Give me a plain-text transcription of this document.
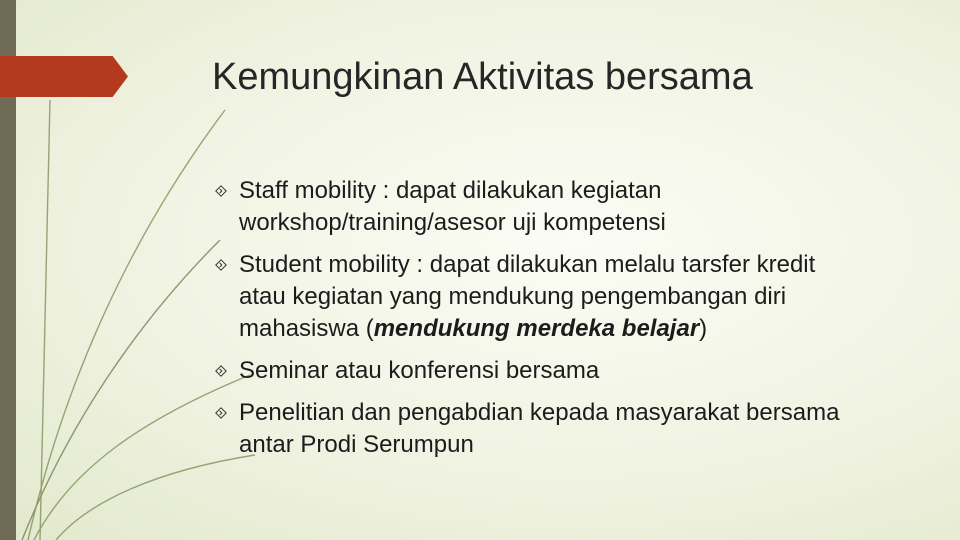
Kemungkinan Aktivitas bersama
Staff mobility : dapat dilakukan kegiatan workshop/training/asesor uji kompetensi
Student mobility : dapat dilakukan melalu tarsfer kredit atau kegiatan yang mendukung pengembangan diri mahasiswa (mendukung merdeka belajar)
Seminar atau konferensi bersama
Penelitian dan pengabdian kepada masyarakat bersama antar Prodi Serumpun
